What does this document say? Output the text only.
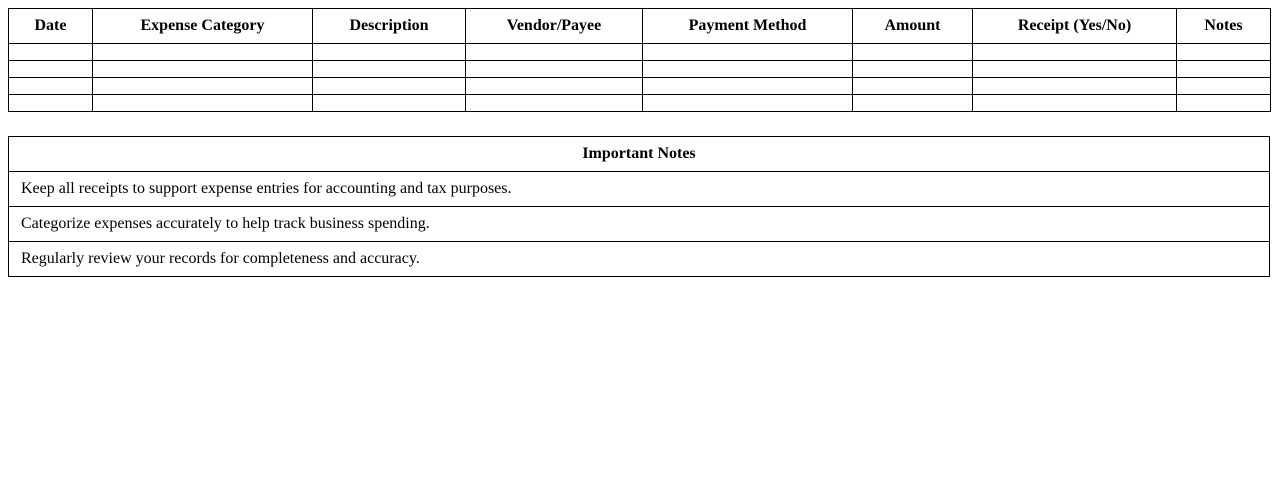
Date	Expense Category	Description	Vendor/Payee	Payment Method	Amount	Receipt (Yes/No)	Notes

Important Notes
Keep all receipts to support expense entries for accounting and tax purposes.
Categorize expenses accurately to help track business spending.
Regularly review your records for completeness and accuracy.
